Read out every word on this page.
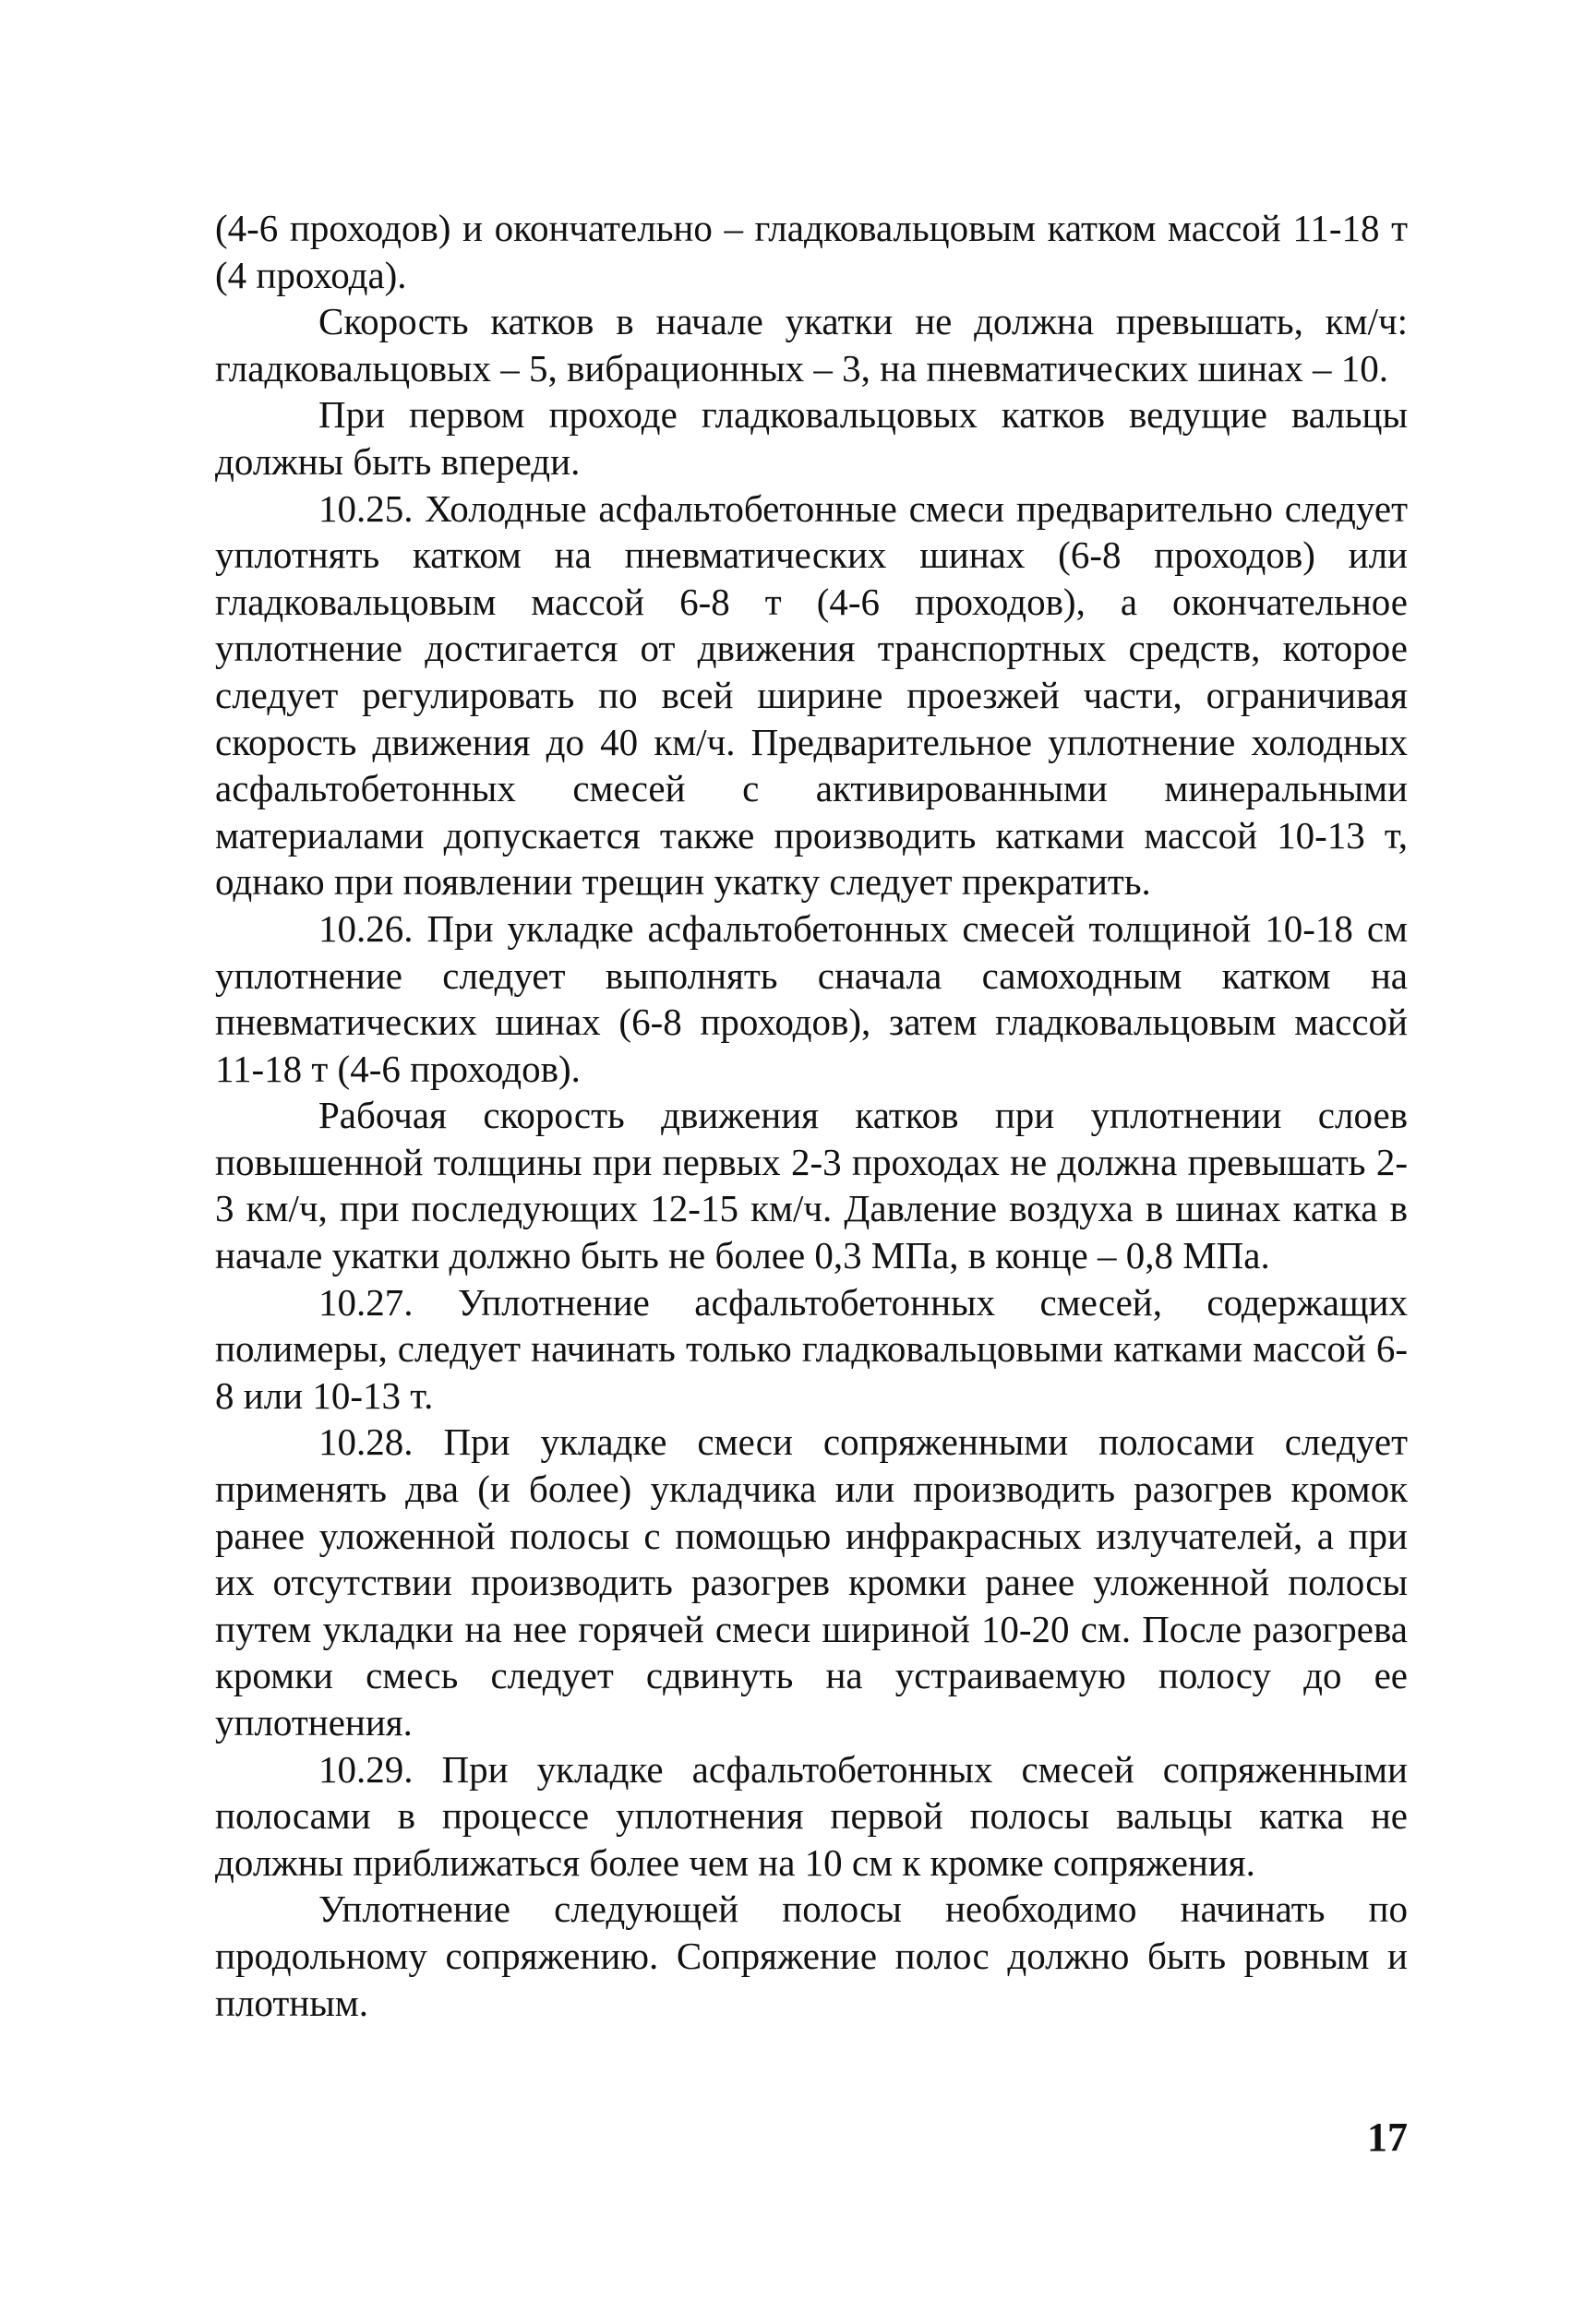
(4-6 проходов) и окончательно – гладковальцовым катком массой 11-18 т (4 прохода).

Скорость катков в начале укатки не должна превышать, км/ч: гладковальцовых – 5, вибрационных – 3, на пневматических шинах – 10.

При первом проходе гладковальцовых катков ведущие вальцы должны быть впереди.

10.25. Холодные асфальтобетонные смеси предварительно следует уплотнять катком на пневматических шинах (6-8 проходов) или гладковальцовым массой 6-8 т (4-6 проходов), а окончательное уплотнение достигается от движения транспортных средств, которое следует регулировать по всей ширине проезжей части, ограничивая скорость движения до 40 км/ч. Предварительное уплотнение холодных асфальтобетонных смесей с активированными минеральными материалами допускается также производить катками массой 10-13 т, однако при появлении трещин укатку следует прекратить.

10.26. При укладке асфальтобетонных смесей толщиной 10-18 см уплотнение следует выполнять сначала самоходным катком на пневматических шинах (6-8 проходов), затем гладковальцовым массой 11-18 т (4-6 проходов).

Рабочая скорость движения катков при уплотнении слоев повышенной толщины при первых 2-3 проходах не должна превышать 2-3 км/ч, при последующих 12-15 км/ч. Давление воздуха в шинах катка в начале укатки должно быть не более 0,3 МПа, в конце – 0,8 МПа.

10.27. Уплотнение асфальтобетонных смесей, содержащих полимеры, следует начинать только гладковальцовыми катками массой 6-8 или 10-13 т.

10.28. При укладке смеси сопряженными полосами следует применять два (и более) укладчика или производить разогрев кромок ранее уложенной полосы с помощью инфракрасных излучателей, а при их отсутствии производить разогрев кромки ранее уложенной полосы путем укладки на нее горячей смеси шириной 10-20 см. После разогрева кромки смесь следует сдвинуть на устраиваемую полосу до ее уплотнения.

10.29. При укладке асфальтобетонных смесей сопряженными полосами в процессе уплотнения первой полосы вальцы катка не должны приближаться более чем на 10 см к кромке сопряжения.

Уплотнение следующей полосы необходимо начинать по продольному сопряжению. Сопряжение полос должно быть ровным и плотным.

17
